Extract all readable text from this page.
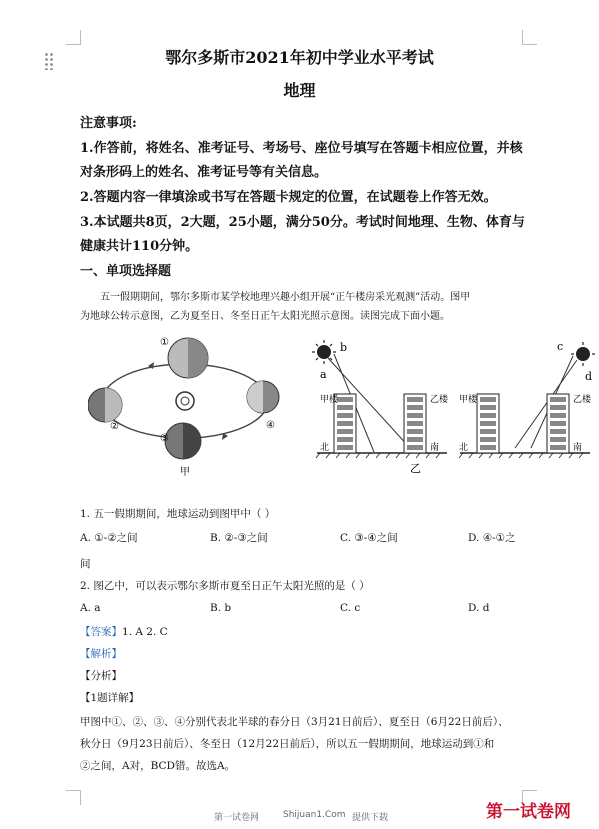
鄂尔多斯市2021年初中学业水平考试
地理
注意事项:
1.作答前，将姓名、准考证号、考场号、座位号填写在答题卡相应位置，并核
对条形码上的姓名、准考证号等有关信息。
2.答题内容一律填涂或书写在答题卡规定的位置，在试题卷上作答无效。
3.本试题共8页，2大题，25小题，满分50分。考试时间地理、生物、体育与
健康共计110分钟。
一、单项选择题
五一假期期间，鄂尔多斯市某学校地理兴趣小组开展“正午楼房采光观测”活动。图甲
为地球公转示意图，乙为夏至日、冬至日正午太阳光照示意图。读图完成下面小题。
①
②
③
④
甲
a
b
甲楼	乙楼
北	南
乙
c
d
甲楼	乙楼
北	南
1. 五一假期期间，地球运动到图甲中（ ）
A. ①-②之间	B. ②-③之间	C. ③-④之间	D. ④-①之
间
2. 图乙中，可以表示鄂尔多斯市夏至日正午太阳光照的是（ ）
A. a	B. b	C. c	D. d
【答案】1. A 2. C
【解析】
【分析】
【1题详解】
甲图中①、②、③、④分别代表北半球的春分日（3月21日前后）、夏至日（6月22日前后）、
秋分日（9月23日前后）、冬至日（12月22日前后），所以五一假期期间，地球运动到①和
②之间，A对，BCD错。故选A。
第一试卷网	Shijuan1.Com 提供下载	第一试卷网
